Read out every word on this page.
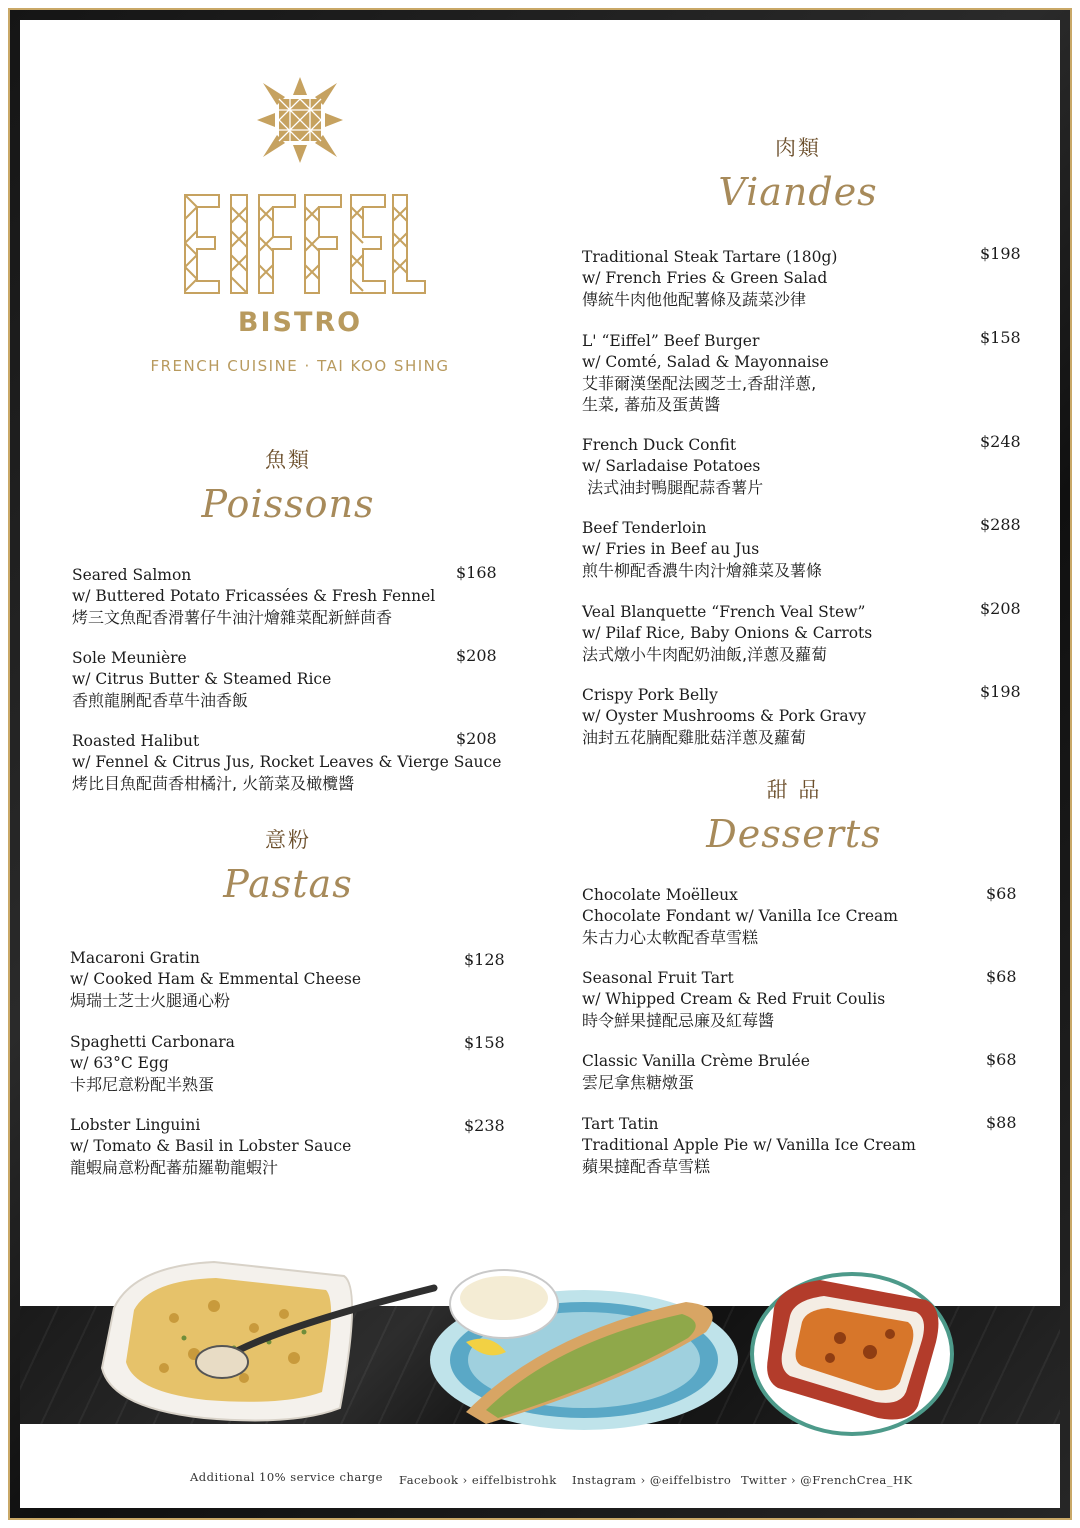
BISTRO
FRENCH CUISINE · TAI KOO SHING
魚類
Poissons
Seared Salmon
w/ Buttered Potato Fricassées & Fresh Fennel
烤三文魚配香滑薯仔牛油汁燴雜菜配新鮮茴香
$168
Sole Meunière
w/ Citrus Butter & Steamed Rice
香煎龍脷配香草牛油香飯
$208
Roasted Halibut
w/ Fennel & Citrus Jus, Rocket Leaves & Vierge Sauce
烤比目魚配茴香柑橘汁, 火箭菜及橄欖醬
$208
意粉
Pastas
Macaroni Gratin
w/ Cooked Ham & Emmental Cheese
焗瑞士芝士火腿通心粉
$128
Spaghetti Carbonara
w/ 63°C Egg
卡邦尼意粉配半熟蛋
$158
Lobster Linguini
w/ Tomato & Basil in Lobster Sauce
龍蝦扁意粉配蕃茄羅勒龍蝦汁
$238
肉類
Viandes
Traditional Steak Tartare (180g)
w/ French Fries & Green Salad
傳統牛肉他他配薯條及蔬菜沙律
$198
L' “Eiffel” Beef Burger
w/ Comté, Salad & Mayonnaise
艾菲爾漢堡配法國芝士,香甜洋蔥,
生菜, 蕃茄及蛋黃醬
$158
French Duck Confit
w/ Sarladaise Potatoes
法式油封鴨腿配蒜香薯片
$248
Beef Tenderloin
w/ Fries in Beef au Jus
煎牛柳配香濃牛肉汁燴雜菜及薯條
$288
Veal Blanquette “French Veal Stew”
w/ Pilaf Rice, Baby Onions & Carrots
法式燉小牛肉配奶油飯,洋蔥及蘿蔔
$208
Crispy Pork Belly
w/ Oyster Mushrooms & Pork Gravy
油封五花腩配雞肶菇洋蔥及蘿蔔
$198
甜 品
Desserts
Chocolate Moëlleux
Chocolate Fondant w/ Vanilla Ice Cream
朱古力心太軟配香草雪糕
$68
Seasonal Fruit Tart
w/ Whipped Cream & Red Fruit Coulis
時令鮮果撻配忌廉及紅莓醬
$68
Classic Vanilla Crème Brulée
雲尼拿焦糖燉蛋
$68
Tart Tatin
Traditional Apple Pie w/ Vanilla Ice Cream
蘋果撻配香草雪糕
$88
Additional 10% service charge Facebook › eiffelbistrohk Instagram › @eiffelbistro Twitter › @FrenchCrea_HK
